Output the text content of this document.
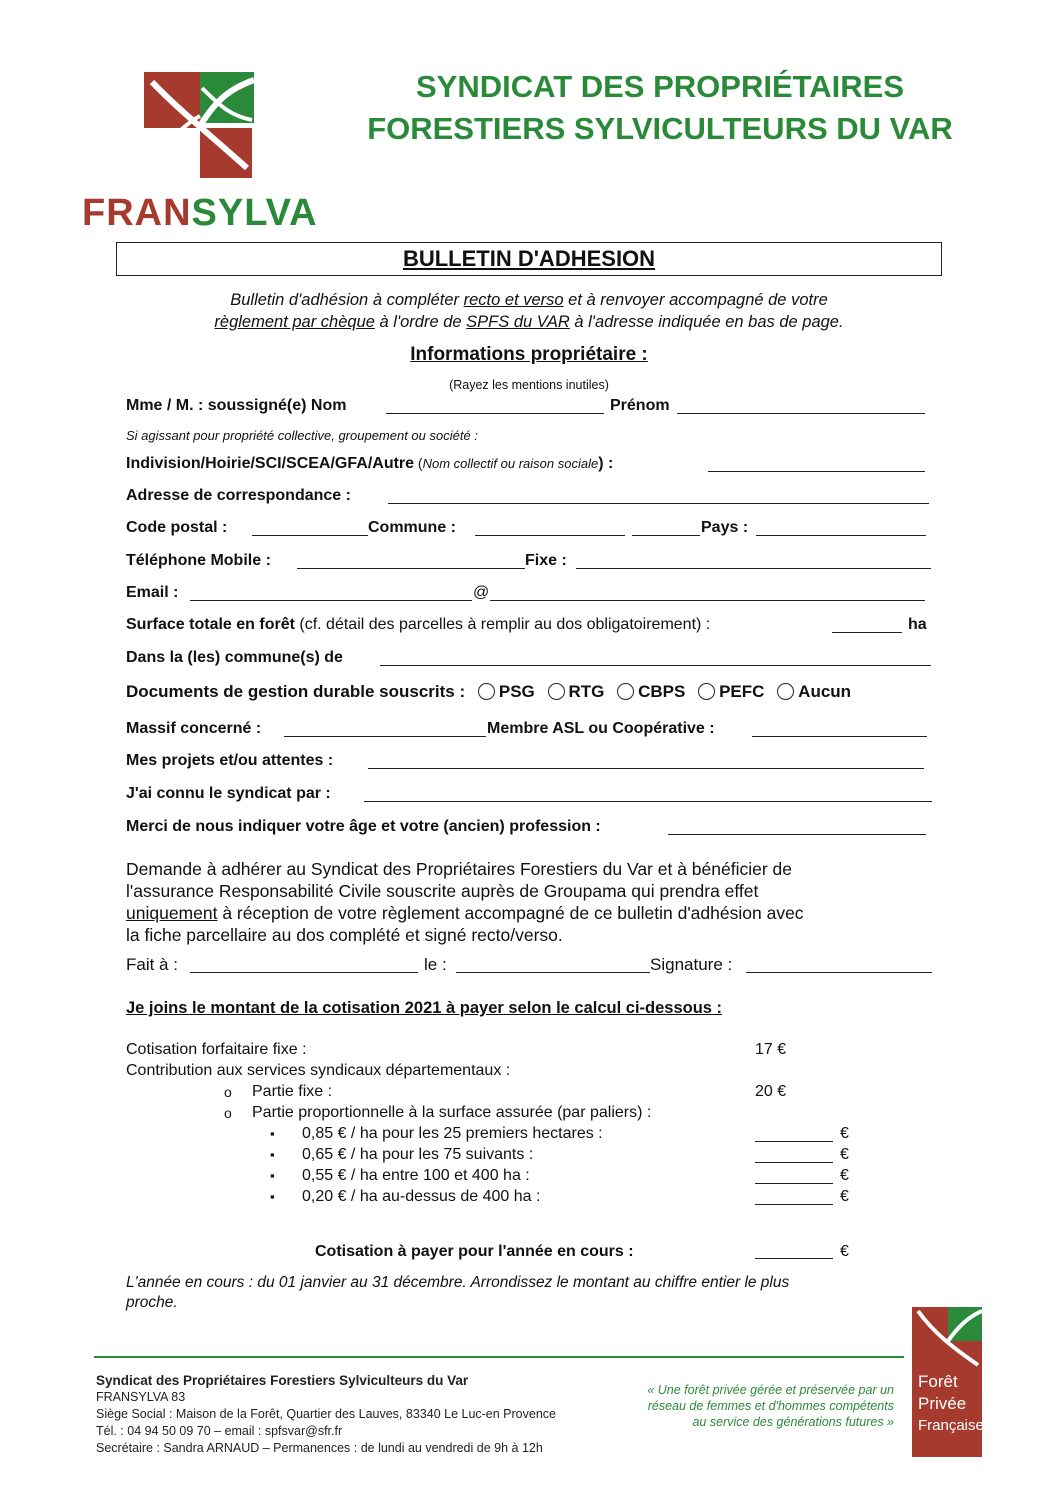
FRANSYLVA
SYNDICAT DES PROPRIÉTAIRES
FORESTIERS SYLVICULTEURS DU VAR
BULLETIN D'ADHESION
Bulletin d'adhésion à compléter recto et verso et à renvoyer accompagné de votre
règlement par chèque à l'ordre de SPFS du VAR à l'adresse indiquée en bas de page.
Informations propriétaire :
(Rayez les mentions inutiles)
Mme / M. : soussigné(e) Nom	Prénom
Si agissant pour propriété collective, groupement ou société :
Indivision/Hoirie/SCI/SCEA/GFA/Autre (Nom collectif ou raison sociale) :
Adresse de correspondance :
Code postal :	Commune :	Pays :
Téléphone Mobile :	Fixe :
Email :	@
Surface totale en forêt (cf. détail des parcelles à remplir au dos obligatoirement) :	ha
Dans la (les) commune(s) de
Documents de gestion durable souscrits : PSG RTG CBPS PEFC Aucun
Massif concerné :	Membre ASL ou Coopérative :
Mes projets et/ou attentes :
J'ai connu le syndicat par :
Merci de nous indiquer votre âge et votre (ancien) profession :
Demande à adhérer au Syndicat des Propriétaires Forestiers du Var et à bénéficier de
l'assurance Responsabilité Civile souscrite auprès de Groupama qui prendra effet
uniquement à réception de votre règlement accompagné de ce bulletin d'adhésion avec
la fiche parcellaire au dos complété et signé recto/verso.
Fait à :	le :	Signature :
Je joins le montant de la cotisation 2021 à payer selon le calcul ci-dessous :
Cotisation forfaitaire fixe :	17 €
Contribution aux services syndicaux départementaux :
o Partie fixe :	20 €
o Partie proportionnelle à la surface assurée (par paliers) :
▪ 0,85 € / ha pour les 25 premiers hectares :	€
▪ 0,65 € / ha pour les 75 suivants :	€
▪ 0,55 € / ha entre 100 et 400 ha :	€
▪ 0,20 € / ha au-dessus de 400 ha :	€
Cotisation à payer pour l'année en cours :	€
L'année en cours : du 01 janvier au 31 décembre. Arrondissez le montant au chiffre entier le plus
proche.
Syndicat des Propriétaires Forestiers Sylviculteurs du Var
FRANSYLVA 83
Siège Social : Maison de la Forêt, Quartier des Lauves, 83340 Le Luc-en Provence
Tél. : 04 94 50 09 70 – email : spfsvar@sfr.fr
Secrétaire : Sandra ARNAUD – Permanences : de lundi au vendredi de 9h à 12h
« Une forêt privée gérée et préservée par un
réseau de femmes et d'hommes compétents
au service des générations futures »
Forêt
Privée
Française
